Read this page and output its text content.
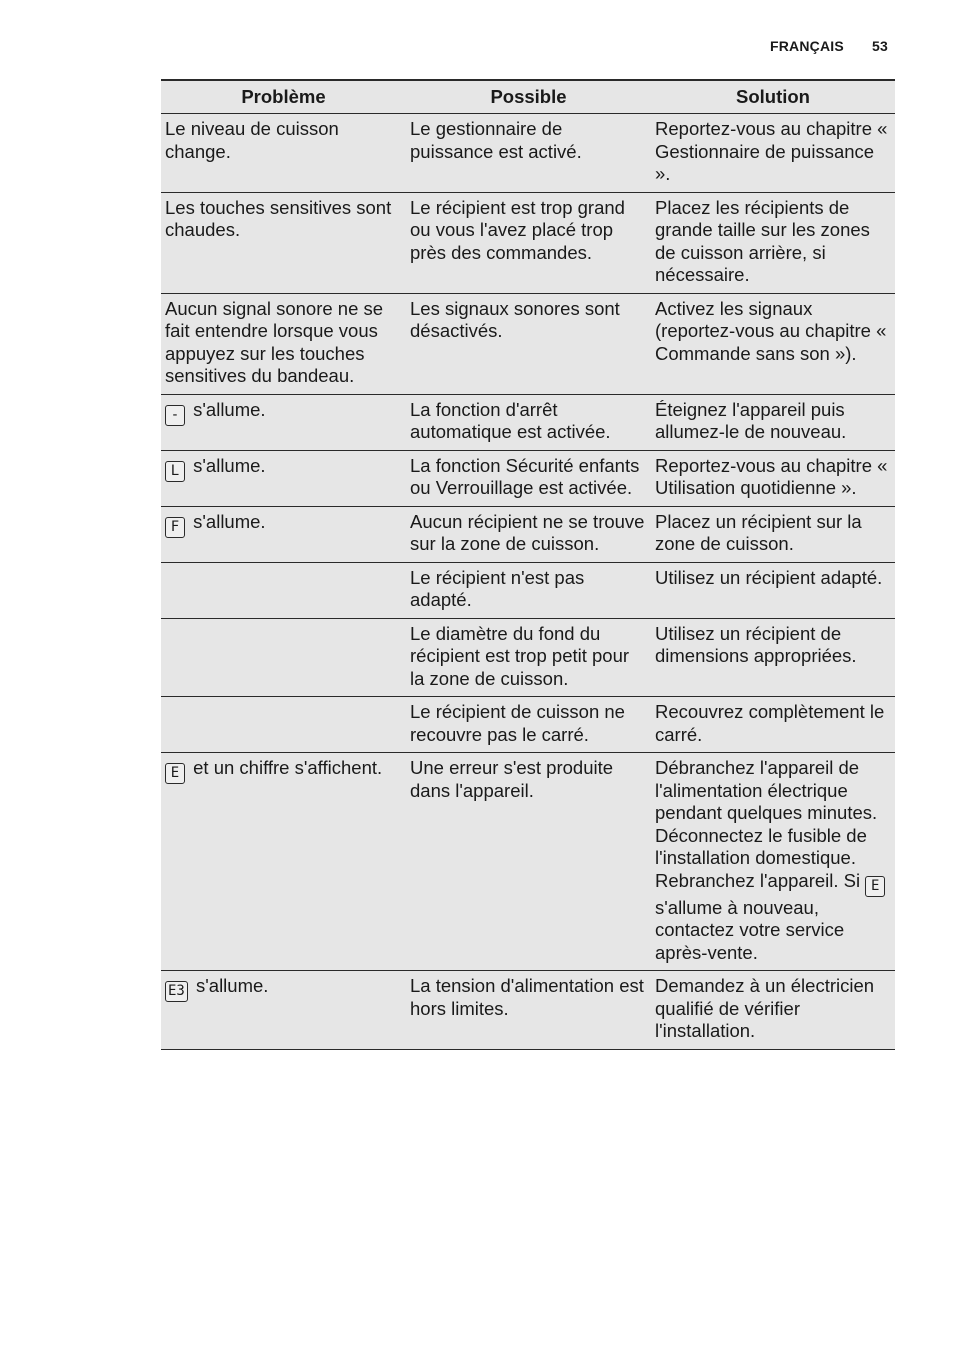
FRANÇAIS 53
Problème	Possible	Solution
Le niveau de cuisson change.	Le gestionnaire de puissance est activé.	Reportez-vous au chapitre « Gestionnaire de puissance ».
Les touches sensitives sont chaudes.	Le récipient est trop grand ou vous l'avez placé trop près des commandes.	Placez les récipients de grande taille sur les zones de cuisson arrière, si nécessaire.
Aucun signal sonore ne se fait entendre lorsque vous appuyez sur les touches sensitives du bandeau.	Les signaux sonores sont désactivés.	Activez les signaux (reportez-vous au chapitre « Commande sans son »).
- s'allume.	La fonction d'arrêt automatique est activée.	Éteignez l'appareil puis allumez-le de nouveau.
L s'allume.	La fonction Sécurité enfants ou Verrouillage est activée.	Reportez-vous au chapitre « Utilisation quotidienne ».
F s'allume.	Aucun récipient ne se trouve sur la zone de cuisson.	Placez un récipient sur la zone de cuisson.
	Le récipient n'est pas adapté.	Utilisez un récipient adapté.
	Le diamètre du fond du récipient est trop petit pour la zone de cuisson.	Utilisez un récipient de dimensions appropriées.
	Le récipient de cuisson ne recouvre pas le carré.	Recouvrez complètement le carré.
E et un chiffre s'affichent.	Une erreur s'est produite dans l'appareil.	Débranchez l'appareil de l'alimentation électrique pendant quelques minutes. Déconnectez le fusible de l'installation domestique. Rebranchez l'appareil. Si E s'allume à nouveau, contactez votre service après-vente.
E3 s'allume.	La tension d'alimentation est hors limites.	Demandez à un électricien qualifié de vérifier l'installation.
